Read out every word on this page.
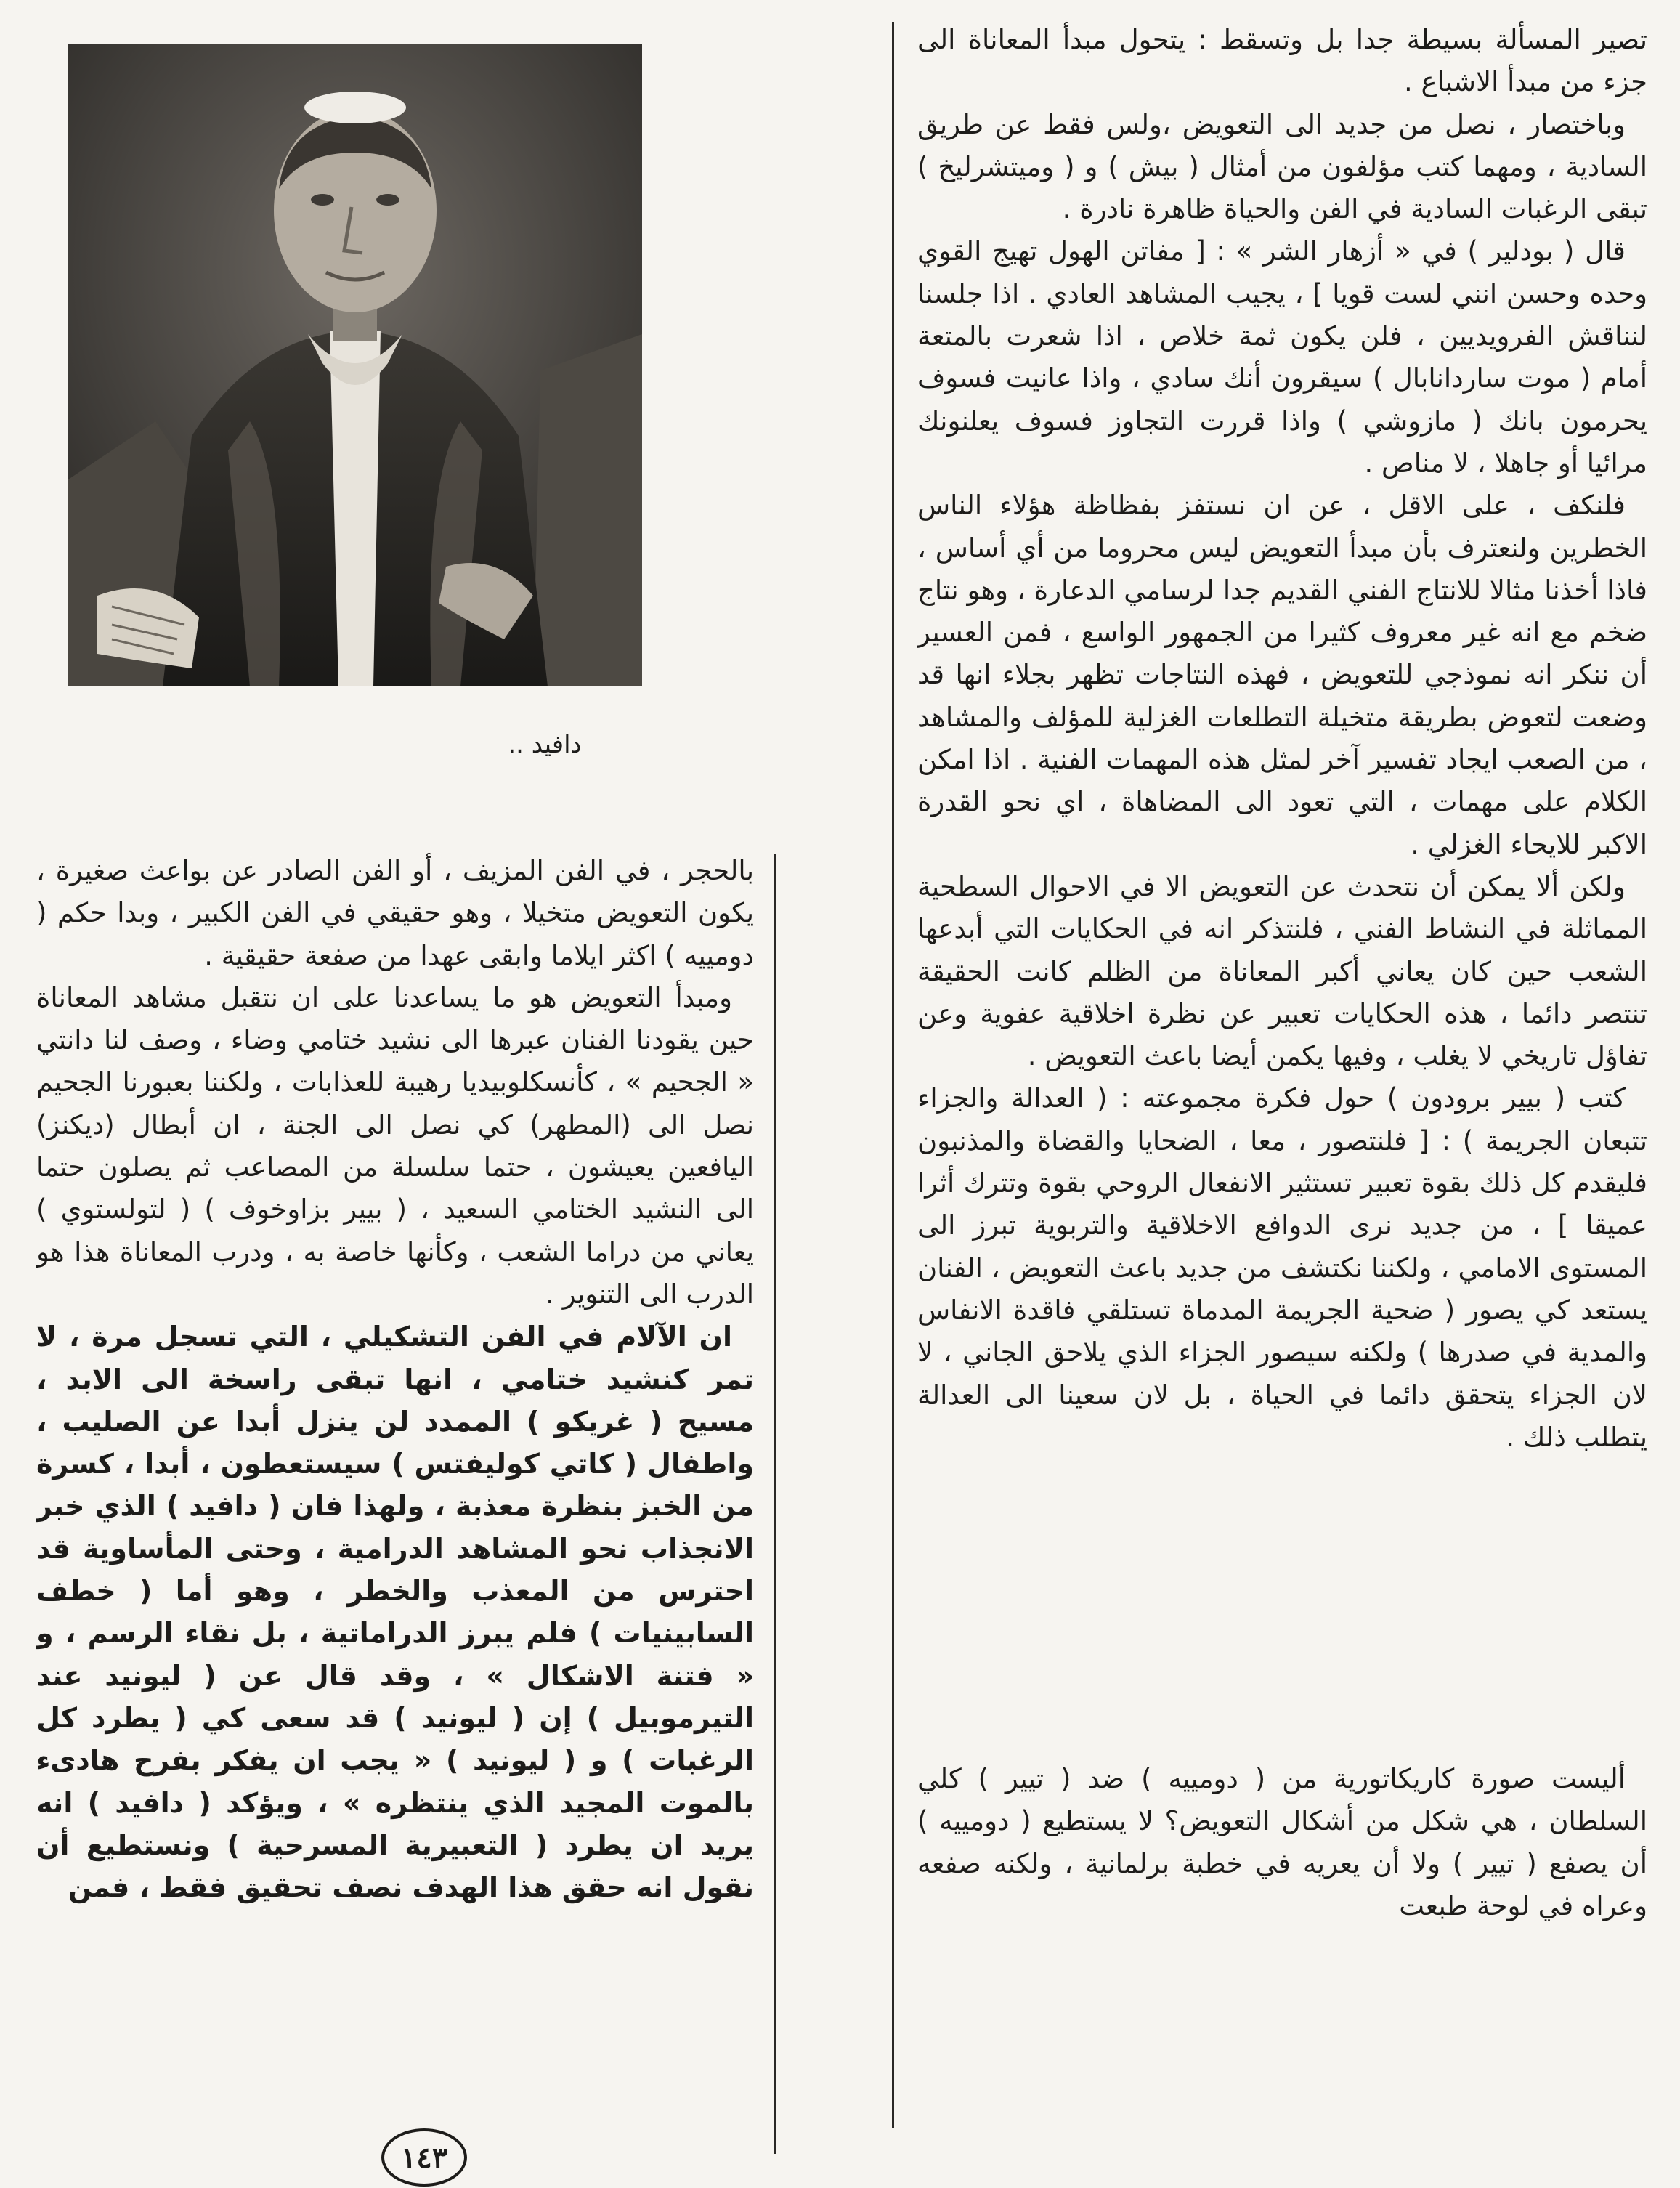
دافيد ..

تصير المسألة بسيطة جدا بل وتسقط : يتحول مبدأ المعاناة الى جزء من مبدأ الاشباع .

وباختصار ، نصل من جديد الى التعويض ،ولس فقط عن طريق السادية ، ومهما كتب مؤلفون من أمثال ( بيش ) و ( وميتشرليخ ) تبقى الرغبات السادية في الفن والحياة ظاهرة نادرة .

قال ( بودلير ) في « أزهار الشر » : [ مفاتن الهول تهيج القوي وحده وحسن انني لست قويا ] ، يجيب المشاهد العادي . اذا جلسنا لنناقش الفرويديين ، فلن يكون ثمة خلاص ، اذا شعرت بالمتعة أمام ( موت ساردانابال ) سيقرون أنك سادي ، واذا عانيت فسوف يحرمون بانك ( مازوشي ) واذا قررت التجاوز فسوف يعلنونك مرائيا أو جاهلا ، لا مناص .

فلنكف ، على الاقل ، عن ان نستفز بفظاظة هؤلاء الناس الخطرين ولنعترف بأن مبدأ التعويض ليس محروما من أي أساس ، فاذا أخذنا مثالا للانتاج الفني القديم جدا لرسامي الدعارة ، وهو نتاج ضخم مع انه غير معروف كثيرا من الجمهور الواسع ، فمن العسير أن ننكر انه نموذجي للتعويض ، فهذه النتاجات تظهر بجلاء انها قد وضعت لتعوض بطريقة متخيلة التطلعات الغزلية للمؤلف والمشاهد ، من الصعب ايجاد تفسير آخر لمثل هذه المهمات الفنية . اذا امكن الكلام على مهمات ، التي تعود الى المضاهاة ، اي نحو القدرة الاكبر للايحاء الغزلي .

ولكن ألا يمكن أن نتحدث عن التعويض الا في الاحوال السطحية المماثلة في النشاط الفني ، فلنتذكر انه في الحكايات التي أبدعها الشعب حين كان يعاني أكبر المعاناة من الظلم كانت الحقيقة تنتصر دائما ، هذه الحكايات تعبير عن نظرة اخلاقية عفوية وعن تفاؤل تاريخي لا يغلب ، وفيها يكمن أيضا باعث التعويض .

كتب ( بيير برودون ) حول فكرة مجموعته : ( العدالة والجزاء تتبعان الجريمة ) : [ فلنتصور ، معا ، الضحايا والقضاة والمذنبون فليقدم كل ذلك بقوة تعبير تستثير الانفعال الروحي بقوة وتترك أثرا عميقا ] ، من جديد نرى الدوافع الاخلاقية والتربوية تبرز الى المستوى الامامي ، ولكننا نكتشف من جديد باعث التعويض ، الفنان يستعد كي يصور ( ضحية الجريمة المدماة تستلقي فاقدة الانفاس والمدية في صدرها ) ولكنه سيصور الجزاء الذي يلاحق الجاني ، لا لان الجزاء يتحقق دائما في الحياة ، بل لان سعينا الى العدالة يتطلب ذلك .

أليست صورة كاريكاتورية من ( دومييه ) ضد ( تيير ) كلي السلطان ، هي شكل من أشكال التعويض؟ لا يستطيع ( دومييه ) أن يصفع ( تيير ) ولا أن يعريه في خطبة برلمانية ، ولكنه صفعه وعراه في لوحة طبعت

بالحجر ، في الفن المزيف ، أو الفن الصادر عن بواعث صغيرة ، يكون التعويض متخيلا ، وهو حقيقي في الفن الكبير ، وبدا حكم ( دومييه ) اكثر ايلاما وابقى عهدا من صفعة حقيقية .

ومبدأ التعويض هو ما يساعدنا على ان نتقبل مشاهد المعاناة حين يقودنا الفنان عبرها الى نشيد ختامي وضاء ، وصف لنا دانتي « الجحيم » ، كأنسكلوبيديا رهيبة للعذابات ، ولكننا بعبورنا الجحيم نصل الى (المطهر) كي نصل الى الجنة ، ان أبطال (ديكنز) اليافعين يعيشون ، حتما سلسلة من المصاعب ثم يصلون حتما الى النشيد الختامي السعيد ، ( بيير بزاوخوف ) ( لتولستوي ) يعاني من دراما الشعب ، وكأنها خاصة به ، ودرب المعاناة هذا هو الدرب الى التنوير .

ان الآلام في الفن التشكيلي ، التي تسجل مرة ، لا تمر كنشيد ختامي ، انها تبقى راسخة الى الابد ، مسيح ( غريكو ) الممدد لن ينزل أبدا عن الصليب ، واطفال ( كاتي كوليفتس ) سيستعطون ، أبدا ، كسرة من الخبز بنظرة معذبة ، ولهذا فان ( دافيد ) الذي خبر الانجذاب نحو المشاهد الدرامية ، وحتى المأساوية قد احترس من المعذب والخطر ، وهو أما ( خطف السابينيات ) فلم يبرز الدراماتية ، بل نقاء الرسم ، و « فتنة الاشكال » ، وقد قال عن ( ليونيد عند التيرموبيل ) إن ( ليونيد ) قد سعى كي ( يطرد كل الرغبات ) و ( ليونيد ) « يجب ان يفكر بفرح هادىء بالموت المجيد الذي ينتظره » ، ويؤكد ( دافيد ) انه يريد ان يطرد ( التعبيرية المسرحية ) ونستطيع أن نقول انه حقق هذا الهدف نصف تحقيق فقط ، فمن

١٤٣
